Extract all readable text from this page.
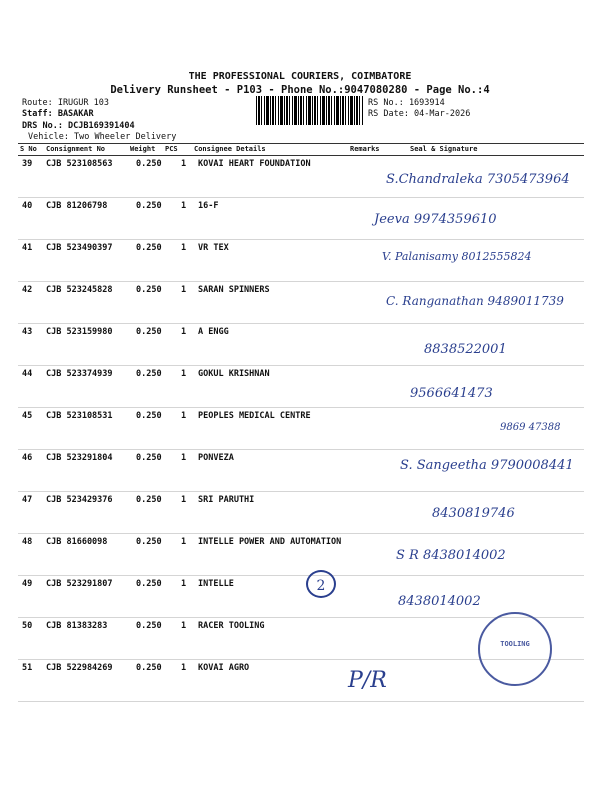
THE PROFESSIONAL COURIERS, COIMBATORE
Delivery Runsheet - P103 - Phone No.:9047080280 - Page No.:4
Route: IRUGUR 103
Staff: BASAKAR
DRS No.: DCJB169391404
Vehicle: Two Wheeler Delivery
RS No.: 1693914
RS Date: 04-Mar-2026
S No Consignment No	Weight PCS Consignee Details	Remarks	Seal & Signature
39 CJB 523108563	0.250 1 KOVAI HEART FOUNDATION
S.Chandraleka 7305473964
40 CJB 81206798	0.250 1 16-F
Jeeva 9974359610
41 CJB 523490397	0.250 1 VR TEX
V. Palanisamy 8012555824
42 CJB 523245828	0.250 1 SARAN SPINNERS
C. Ranganathan 9489011739
43 CJB 523159980	0.250 1 A ENGG
8838522001
44 CJB 523374939	0.250 1 GOKUL KRISHNAN
9566641473
45 CJB 523108531	0.250 1 PEOPLES MEDICAL CENTRE
9869 47388
46 CJB 523291804	0.250 1 PONVEZA	S. Sangeetha 9790008441
47 CJB 523429376	0.250 1 SRI PARUTHI
8430819746
48 CJB 81660098	0.250 1 INTELLE POWER AND AUTOMATION
S R 8438014002
49 CJB 523291807	0.250 1 INTELLE
8438014002
50 CJB 81383283	0.250 1 RACER TOOLING
51 CJB 522984269	0.250 1 KOVAI AGRO	P/R
2
TOOLING
